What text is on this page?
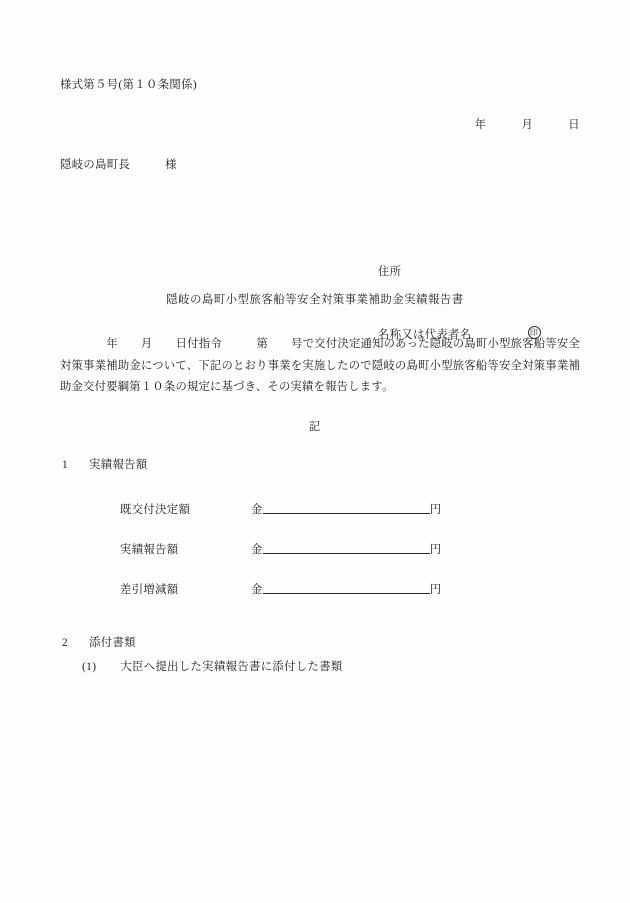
様式第５号(第１０条関係)
年　　　月　　　日
隠岐の島町長　　　様

住所

名称又は代表者名	印

隠岐の島町小型旅客船等安全対策事業補助金実績報告書
　　　　年　　月　　日付指令　　　第　　号で交付決定通知のあった隠岐の島町小型旅客船等安全対策事業補助金について、下記のとおり事業を実施したので隠岐の島町小型旅客船等安全対策事業補助金交付要綱第１０条の規定に基づき、その実績を報告します。
記
1 実績報告額
既交付決定額	金	円
実績報告額	金	円
差引増減額	金	円
2 添付書類
(1) 大臣へ提出した実績報告書に添付した書類
